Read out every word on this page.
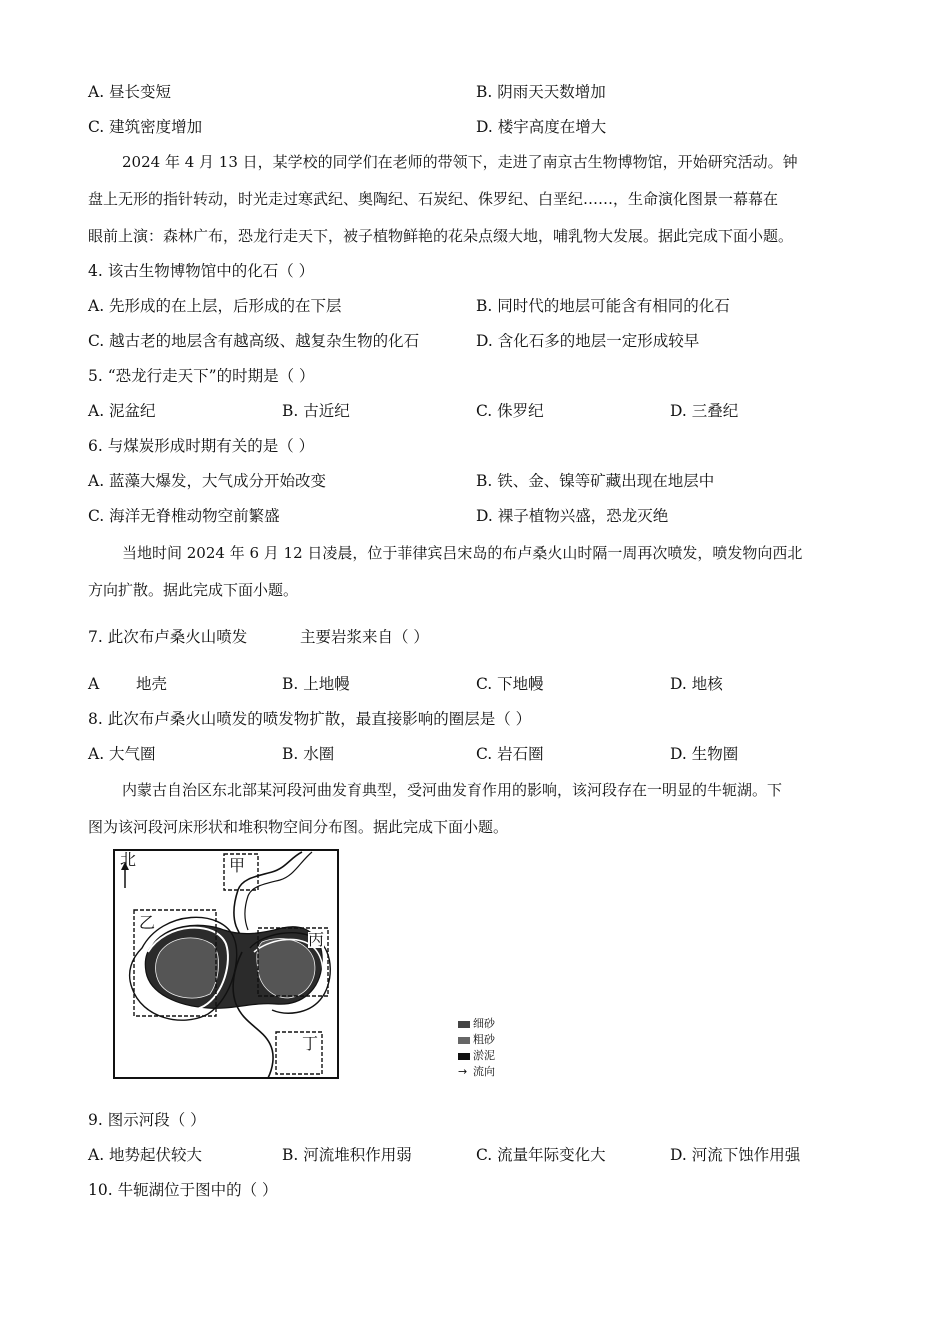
A. 昼长变短	B. 阴雨天天数增加
C. 建筑密度增加	D. 楼宇高度在增大
2024 年 4 月 13 日，某学校的同学们在老师的带领下，走进了南京古生物博物馆，开始研究活动。钟
盘上无形的指针转动，时光走过寒武纪、奥陶纪、石炭纪、侏罗纪、白垩纪……，生命演化图景一幕幕在
眼前上演：森林广布，恐龙行走天下，被子植物鲜艳的花朵点缀大地，哺乳物大发展。据此完成下面小题。
4. 该古生物博物馆中的化石（ ）
A. 先形成的在上层，后形成的在下层	B. 同时代的地层可能含有相同的化石
C. 越古老的地层含有越高级、越复杂生物的化石	D. 含化石多的地层一定形成较早
5. “恐龙行走天下”的时期是（ ）
A. 泥盆纪	B. 古近纪	C. 侏罗纪	D. 三叠纪
6. 与煤炭形成时期有关的是（ ）
A. 蓝藻大爆发，大气成分开始改变	B. 铁、金、镍等矿藏出现在地层中
C. 海洋无脊椎动物空前繁盛	D. 裸子植物兴盛，恐龙灭绝
当地时间 2024 年 6 月 12 日凌晨，位于菲律宾吕宋岛的布卢桑火山时隔一周再次喷发，喷发物向西北
方向扩散。据此完成下面小题。
7. 此次布卢桑火山喷发	主要岩浆来自（ ）
A 地壳	B. 上地幔	C. 下地幔	D. 地核
8. 此次布卢桑火山喷发的喷发物扩散，最直接影响的圈层是（ ）
A. 大气圈	B. 水圈	C. 岩石圈	D. 生物圈
内蒙古自治区东北部某河段河曲发育典型，受河曲发育作用的影响，该河段存在一明显的牛轭湖。下
图为该河段河床形状和堆积物空间分布图。据此完成下面小题。
北	甲
乙
丙
丁
细砂
粗砂
淤泥
→ 流向
9. 图示河段（ ）
A. 地势起伏较大	B. 河流堆积作用弱	C. 流量年际变化大	D. 河流下蚀作用强
10. 牛轭湖位于图中的（ ）
